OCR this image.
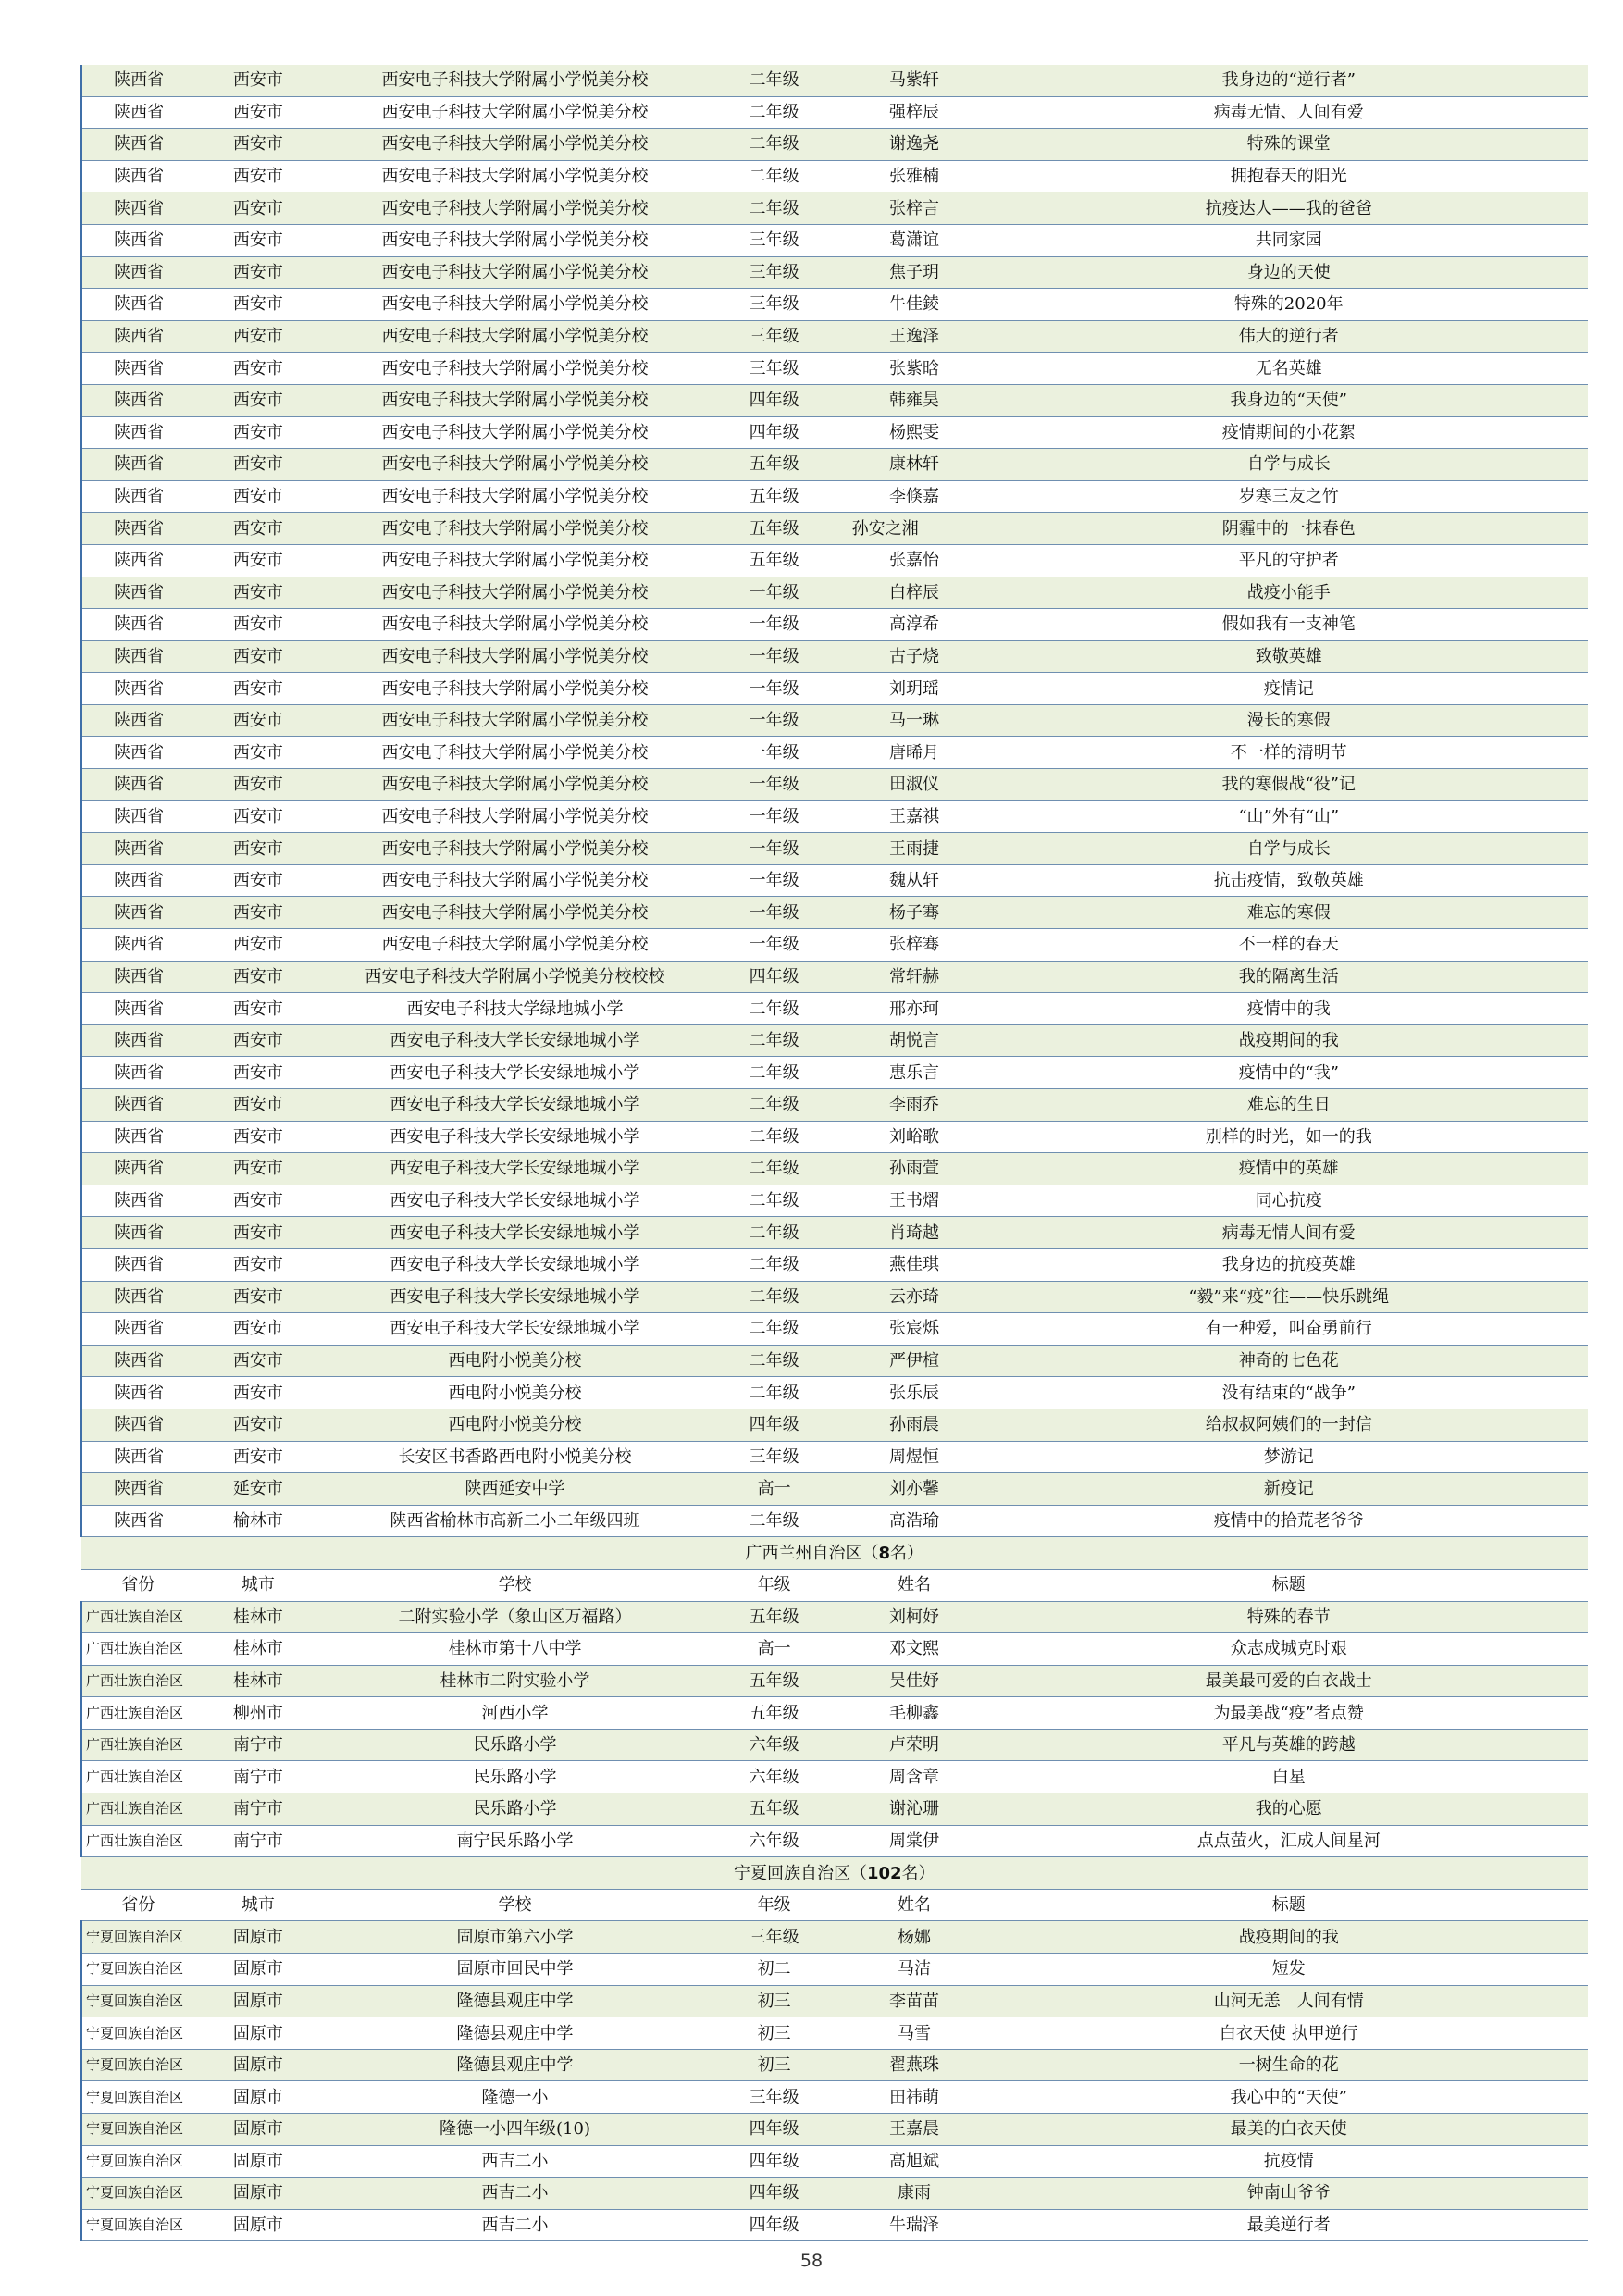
陕西省	西安市	西安电子科技大学附属小学悦美分校	二年级	马紫轩	我身边的“逆行者”
陕西省	西安市	西安电子科技大学附属小学悦美分校	二年级	强梓辰	病毒无情、人间有爱
陕西省	西安市	西安电子科技大学附属小学悦美分校	二年级	谢逸尧	特殊的课堂
陕西省	西安市	西安电子科技大学附属小学悦美分校	二年级	张雅楠	拥抱春天的阳光
陕西省	西安市	西安电子科技大学附属小学悦美分校	二年级	张梓言	抗疫达人——我的爸爸
陕西省	西安市	西安电子科技大学附属小学悦美分校	三年级	葛潇谊	共同家园
陕西省	西安市	西安电子科技大学附属小学悦美分校	三年级	焦子玥	身边的天使
陕西省	西安市	西安电子科技大学附属小学悦美分校	三年级	牛佳錂	特殊的2020年
陕西省	西安市	西安电子科技大学附属小学悦美分校	三年级	王逸泽	伟大的逆行者
陕西省	西安市	西安电子科技大学附属小学悦美分校	三年级	张紫晗	无名英雄
陕西省	西安市	西安电子科技大学附属小学悦美分校	四年级	韩雍昊	我身边的“天使”
陕西省	西安市	西安电子科技大学附属小学悦美分校	四年级	杨熙雯	疫情期间的小花絮
陕西省	西安市	西安电子科技大学附属小学悦美分校	五年级	康林轩	自学与成长
陕西省	西安市	西安电子科技大学附属小学悦美分校	五年级	李倏嘉	岁寒三友之竹
陕西省	西安市	西安电子科技大学附属小学悦美分校	五年级	孙安之湘	阴霾中的一抹春色
陕西省	西安市	西安电子科技大学附属小学悦美分校	五年级	张嘉怡	平凡的守护者
陕西省	西安市	西安电子科技大学附属小学悦美分校	一年级	白梓辰	战疫小能手
陕西省	西安市	西安电子科技大学附属小学悦美分校	一年级	高淳希	假如我有一支神笔
陕西省	西安市	西安电子科技大学附属小学悦美分校	一年级	古子烧	致敬英雄
陕西省	西安市	西安电子科技大学附属小学悦美分校	一年级	刘玥瑶	疫情记
陕西省	西安市	西安电子科技大学附属小学悦美分校	一年级	马一琳	漫长的寒假
陕西省	西安市	西安电子科技大学附属小学悦美分校	一年级	唐晞月	不一样的清明节
陕西省	西安市	西安电子科技大学附属小学悦美分校	一年级	田淑仪	我的寒假战“役”记
陕西省	西安市	西安电子科技大学附属小学悦美分校	一年级	王嘉祺	“山”外有“山”
陕西省	西安市	西安电子科技大学附属小学悦美分校	一年级	王雨捷	自学与成长
陕西省	西安市	西安电子科技大学附属小学悦美分校	一年级	魏从轩	抗击疫情，致敬英雄
陕西省	西安市	西安电子科技大学附属小学悦美分校	一年级	杨子骞	难忘的寒假
陕西省	西安市	西安电子科技大学附属小学悦美分校	一年级	张梓骞	不一样的春天
陕西省	西安市	西安电子科技大学附属小学悦美分校校校	四年级	常轩赫	我的隔离生活
陕西省	西安市	西安电子科技大学绿地城小学	二年级	邢亦珂	疫情中的我
陕西省	西安市	西安电子科技大学长安绿地城小学	二年级	胡悦言	战疫期间的我
陕西省	西安市	西安电子科技大学长安绿地城小学	二年级	惠乐言	疫情中的“我”
陕西省	西安市	西安电子科技大学长安绿地城小学	二年级	李雨乔	难忘的生日
陕西省	西安市	西安电子科技大学长安绿地城小学	二年级	刘峪歌	别样的时光，如一的我
陕西省	西安市	西安电子科技大学长安绿地城小学	二年级	孙雨萱	疫情中的英雄
陕西省	西安市	西安电子科技大学长安绿地城小学	二年级	王书熠	同心抗疫
陕西省	西安市	西安电子科技大学长安绿地城小学	二年级	肖琦越	病毒无情人间有爱
陕西省	西安市	西安电子科技大学长安绿地城小学	二年级	燕佳琪	我身边的抗疫英雄
陕西省	西安市	西安电子科技大学长安绿地城小学	二年级	云亦琦	“毅”来“疫”往——快乐跳绳
陕西省	西安市	西安电子科技大学长安绿地城小学	二年级	张宸烁	有一种爱，叫奋勇前行
陕西省	西安市	西电附小悦美分校	二年级	严伊楦	神奇的七色花
陕西省	西安市	西电附小悦美分校	二年级	张乐辰	没有结束的“战争”
陕西省	西安市	西电附小悦美分校	四年级	孙雨晨	给叔叔阿姨们的一封信
陕西省	西安市	长安区书香路西电附小悦美分校	三年级	周煜恒	梦游记
陕西省	延安市	陕西延安中学	高一	刘亦馨	新疫记
陕西省	榆林市	陕西省榆林市高新二小二年级四班	二年级	高浩瑜	疫情中的拾荒老爷爷
广西兰州自治区（8名）					
省份	城市	学校	年级	姓名	标题
广西壮族自治区	桂林市	二附实验小学（象山区万福路）	五年级	刘柯妤	特殊的春节
广西壮族自治区	桂林市	桂林市第十八中学	高一	邓文熙	众志成城克时艰
广西壮族自治区	桂林市	桂林市二附实验小学	五年级	吴佳妤	最美最可爱的白衣战士
广西壮族自治区	柳州市	河西小学	五年级	毛柳鑫	为最美战“疫”者点赞
广西壮族自治区	南宁市	民乐路小学	六年级	卢荣明	平凡与英雄的跨越
广西壮族自治区	南宁市	民乐路小学	六年级	周含章	白星
广西壮族自治区	南宁市	民乐路小学	五年级	谢沁珊	我的心愿
广西壮族自治区	南宁市	南宁民乐路小学	六年级	周棠伊	点点萤火，汇成人间星河
宁夏回族自治区（102名）					
省份	城市	学校	年级	姓名	标题
宁夏回族自治区	固原市	固原市第六小学	三年级	杨娜	战疫期间的我
宁夏回族自治区	固原市	固原市回民中学	初二	马洁	短发
宁夏回族自治区	固原市	隆德县观庄中学	初三	李苗苗	山河无恙　人间有情
宁夏回族自治区	固原市	隆德县观庄中学	初三	马雪	白衣天使 执甲逆行
宁夏回族自治区	固原市	隆德县观庄中学	初三	翟燕珠	一树生命的花
宁夏回族自治区	固原市	隆德一小	三年级	田祎萌	我心中的“天使”
宁夏回族自治区	固原市	隆德一小四年级(10)	四年级	王嘉晨	最美的白衣天使
宁夏回族自治区	固原市	西吉二小	四年级	高旭斌	抗疫情
宁夏回族自治区	固原市	西吉二小	四年级	康雨	钟南山爷爷
宁夏回族自治区	固原市	西吉二小	四年级	牛瑞泽	最美逆行者
58
